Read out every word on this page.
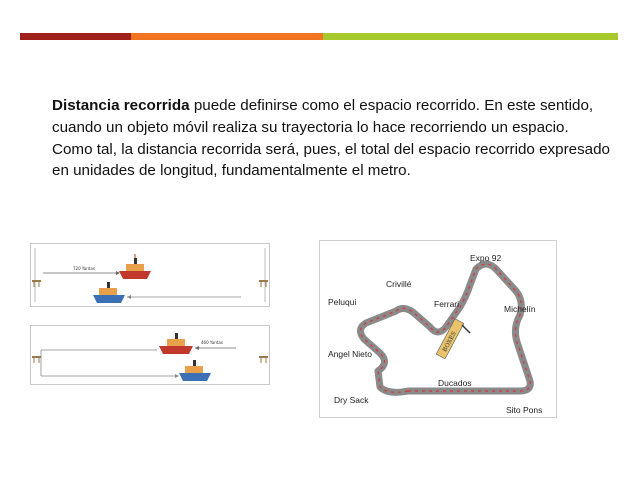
Distancia recorrida puede definirse como el espacio recorrido. En este sentido, cuando un objeto móvil realiza su trayectoria lo hace recorriendo un espacio. Como tal, la distancia recorrida será, pues, el total del espacio recorrido expresado en unidades de longitud, fundamentalmente el metro.
720 Yardas
460 Yardas	BOXES
Expo 92
Crivillé
Peluqui	Ferrari	Michelín
Angel Nieto
Ducados
Dry Sack
Sito Pons
